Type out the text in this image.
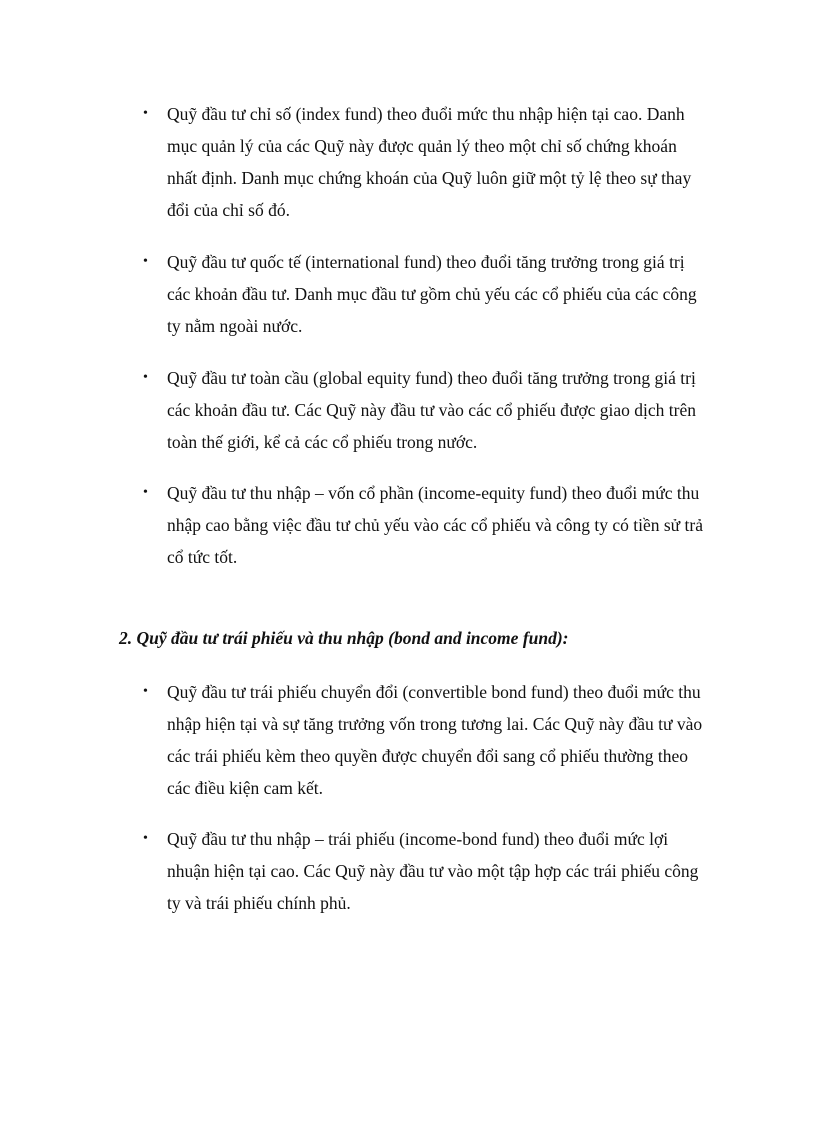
• Quỹ đầu tư chỉ số (index fund) theo đuổi mức thu nhập hiện tại cao. Danh mục quản lý của các Quỹ này được quản lý theo một chỉ số chứng khoán nhất định. Danh mục chứng khoán của Quỹ luôn giữ một tỷ lệ theo sự thay đổi của chỉ số đó.
• Quỹ đầu tư quốc tế (international fund) theo đuổi tăng trưởng trong giá trị các khoản đầu tư. Danh mục đầu tư gồm chủ yếu các cổ phiếu của các công ty nằm ngoài nước.
• Quỹ đầu tư toàn cầu (global equity fund) theo đuổi tăng trưởng trong giá trị các khoản đầu tư. Các Quỹ này đầu tư vào các cổ phiếu được giao dịch trên toàn thế giới, kể cả các cổ phiếu trong nước.
• Quỹ đầu tư thu nhập – vốn cổ phần (income-equity fund) theo đuổi mức thu nhập cao bằng việc đầu tư chủ yếu vào các cổ phiếu và công ty có tiền sử trả cổ tức tốt.
2. Quỹ đầu tư trái phiếu và thu nhập (bond and income fund):
• Quỹ đầu tư trái phiếu chuyển đổi (convertible bond fund) theo đuổi mức thu nhập hiện tại và sự tăng trưởng vốn trong tương lai. Các Quỹ này đầu tư vào các trái phiếu kèm theo quyền được chuyển đổi sang cổ phiếu thường theo các điều kiện cam kết.
• Quỹ đầu tư thu nhập – trái phiếu (income-bond fund) theo đuổi mức lợi nhuận hiện tại cao. Các Quỹ này đầu tư vào một tập hợp các trái phiếu công ty và trái phiếu chính phủ.
